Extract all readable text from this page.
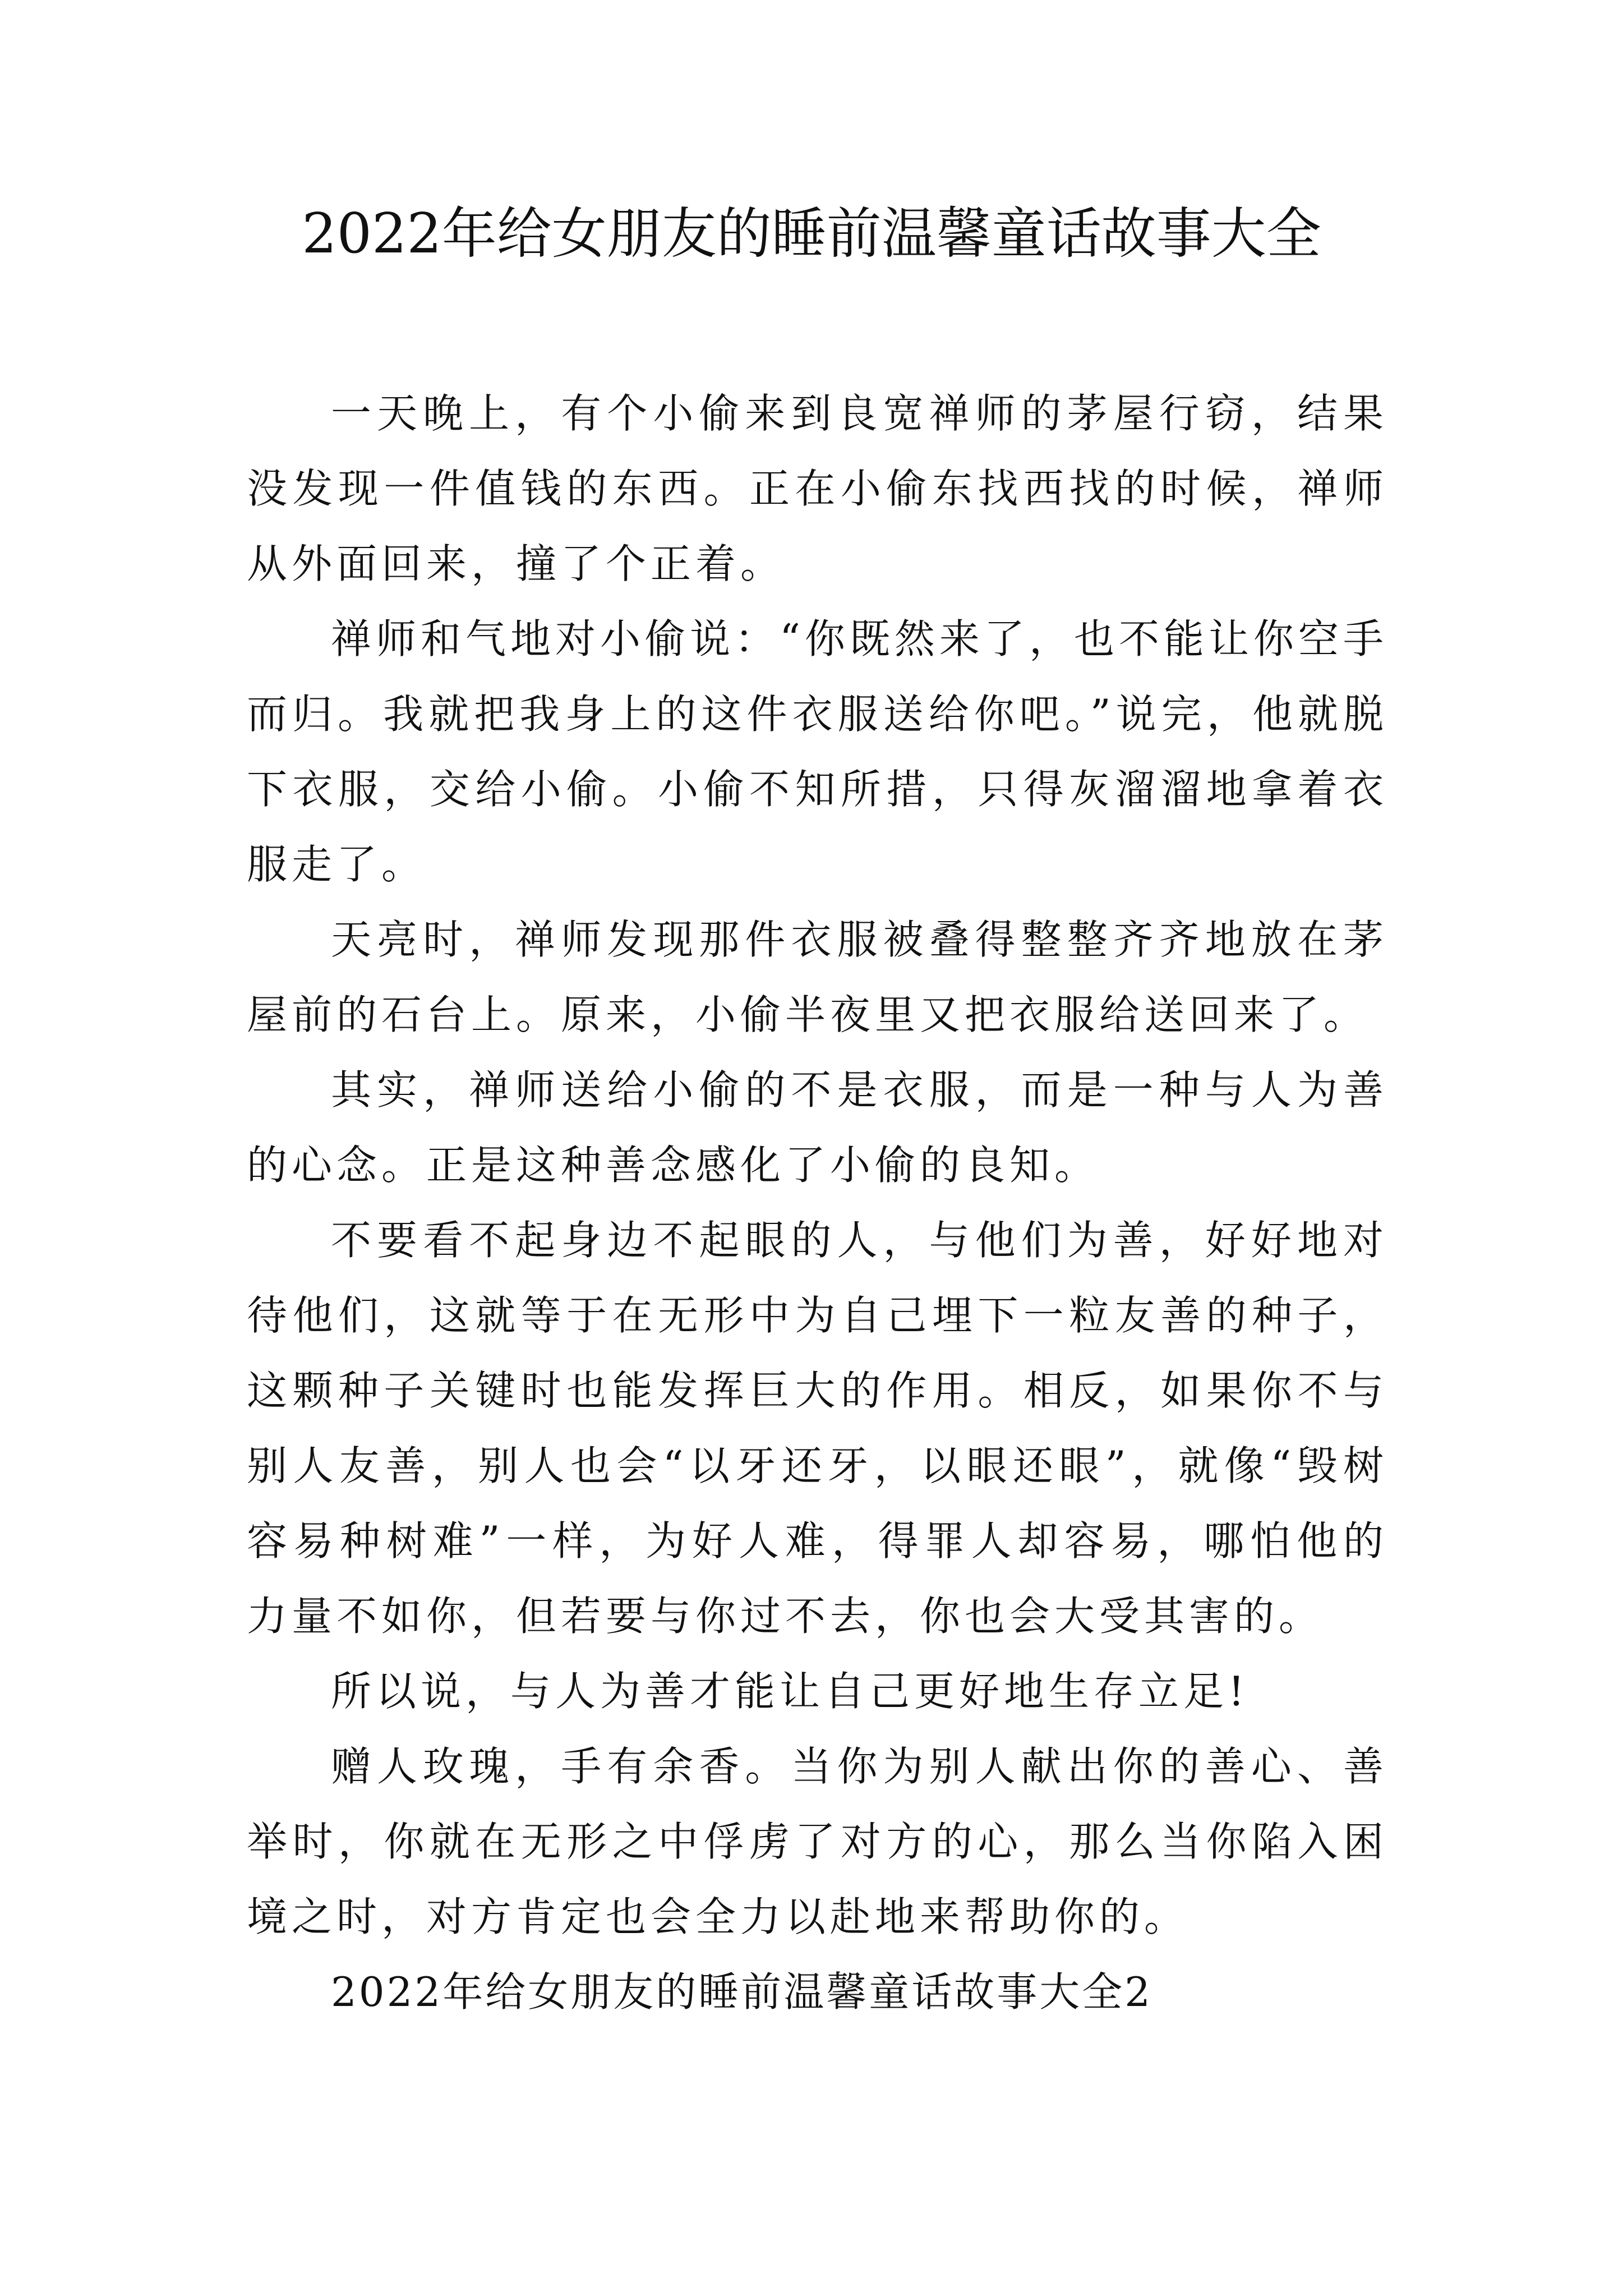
2022年给女朋友的睡前温馨童话故事大全

一天晚上，有个小偷来到良宽禅师的茅屋行窃，结果没发现一件值钱的东西。正在小偷东找西找的时候，禅师从外面回来，撞了个正着。

禅师和气地对小偷说：“你既然来了，也不能让你空手而归。我就把我身上的这件衣服送给你吧。”说完，他就脱下衣服，交给小偷。小偷不知所措，只得灰溜溜地拿着衣服走了。

天亮时，禅师发现那件衣服被叠得整整齐齐地放在茅屋前的石台上。原来，小偷半夜里又把衣服给送回来了。

其实，禅师送给小偷的不是衣服，而是一种与人为善的心念。正是这种善念感化了小偷的良知。

不要看不起身边不起眼的人，与他们为善，好好地对待他们，这就等于在无形中为自己埋下一粒友善的种子，这颗种子关键时也能发挥巨大的作用。相反，如果你不与别人友善，别人也会“以牙还牙，以眼还眼”，就像“毁树容易种树难”一样，为好人难，得罪人却容易，哪怕他的力量不如你，但若要与你过不去，你也会大受其害的。

所以说，与人为善才能让自己更好地生存立足!

赠人玫瑰，手有余香。当你为别人献出你的善心、善举时，你就在无形之中俘虏了对方的心，那么当你陷入困境之时，对方肯定也会全力以赴地来帮助你的。

2022年给女朋友的睡前温馨童话故事大全2
